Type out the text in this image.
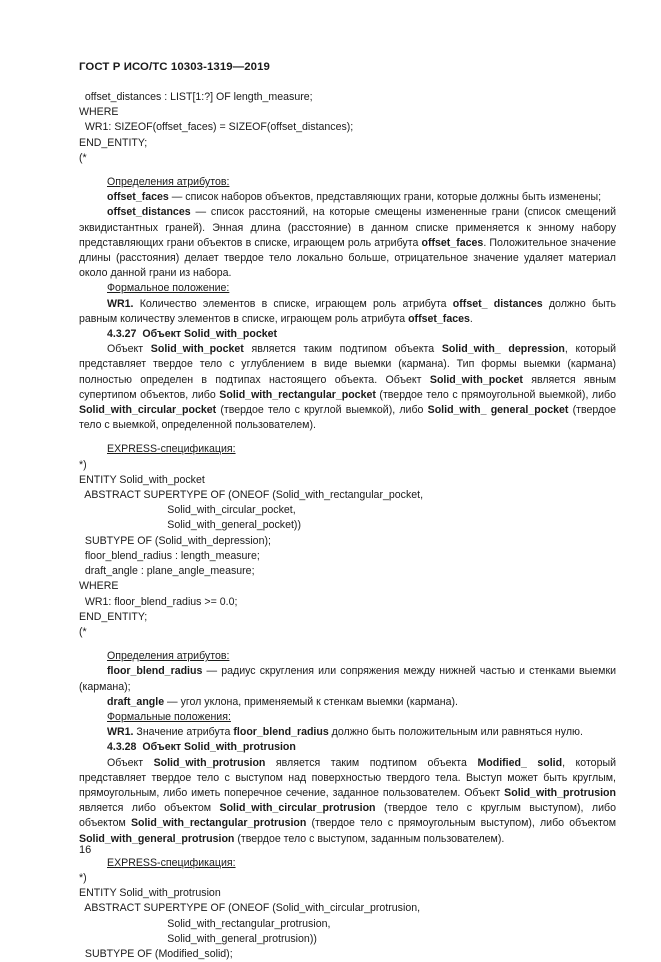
ГОСТ Р ИСО/ТС 10303-1319—2019
offset_distances : LIST[1:?] OF length_measure;
WHERE
WR1: SIZEOF(offset_faces) = SIZEOF(offset_distances);
END_ENTITY;
(*

Определения атрибутов:

offset_faces — список наборов объектов, представляющих грани, которые должны быть изменены;

offset_distances — список расстояний, на которые смещены измененные грани (список смещений эквидистантных граней). Энная длина (расстояние) в данном списке применяется к энному набору представляющих грани объектов в списке, играющем роль атрибута offset_faces. Положительное значение длины (расстояния) делает твердое тело локально больше, отрицательное значение удаляет материал около данной грани из набора.

Формальное положение:

WR1. Количество элементов в списке, играющем роль атрибута offset_ distances должно быть равным количеству элементов в списке, играющем роль атрибута offset_faces.

4.3.27 Объект Solid_with_pocket

Объект Solid_with_pocket является таким подтипом объекта Solid_with_ depression, который представляет твердое тело с углублением в виде выемки (кармана). Тип формы выемки (кармана) полностью определен в подтипах настоящего объекта. Объект Solid_with_pocket является явным супертипом объектов, либо Solid_with_rectangular_pocket (твердое тело с прямоугольной выемкой), либо Solid_with_circular_pocket (твердое тело с круглой выемкой), либо Solid_with_ general_pocket (твердое тело с выемкой, определенной пользователем).

EXPRESS-спецификация:

*)
ENTITY Solid_with_pocket
ABSTRACT SUPERTYPE OF (ONEOF (Solid_with_rectangular_pocket,
Solid_with_circular_pocket,
Solid_with_general_pocket))
SUBTYPE OF (Solid_with_depression);
floor_blend_radius : length_measure;
draft_angle : plane_angle_measure;
WHERE
WR1: floor_blend_radius >= 0.0;
END_ENTITY;
(*

Определения атрибутов:

floor_blend_radius — радиус скругления или сопряжения между нижней частью и стенками выемки (кармана);

draft_angle — угол уклона, применяемый к стенкам выемки (кармана).

Формальные положения:

WR1. Значение атрибута floor_blend_radius должно быть положительным или равняться нулю.

4.3.28 Объект Solid_with_protrusion

Объект Solid_with_protrusion является таким подтипом объекта Modified_ solid, который представляет твердое тело с выступом над поверхностью твердого тела. Выступ может быть круглым, прямоугольным, либо иметь поперечное сечение, заданное пользователем. Объект Solid_with_protrusion является либо объектом Solid_with_circular_protrusion (твердое тело с круглым выступом), либо объектом Solid_with_rectangular_protrusion (твердое тело с прямоугольным выступом), либо объектом Solid_with_general_protrusion (твердое тело с выступом, заданным пользователем).

EXPRESS-спецификация:

*)
ENTITY Solid_with_protrusion
ABSTRACT SUPERTYPE OF (ONEOF (Solid_with_circular_protrusion,
Solid_with_rectangular_protrusion,
Solid_with_general_protrusion))
SUBTYPE OF (Modified_solid);
16
